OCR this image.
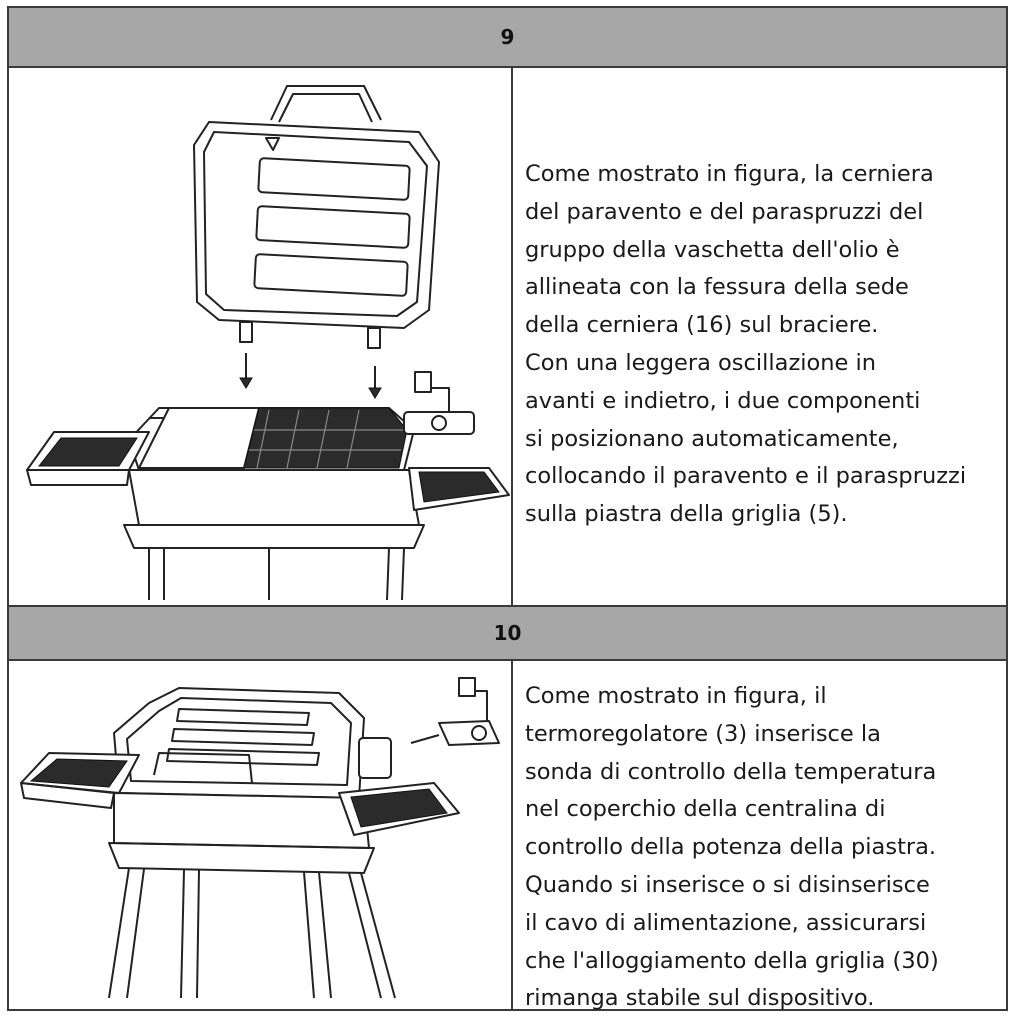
9
Come mostrato in figura, la cerniera
del paravento e del paraspruzzi del
gruppo della vaschetta dell'olio è
allineata con la fessura della sede
della cerniera (16) sul braciere.
Con una leggera oscillazione in
avanti e indietro, i due componenti
si posizionano automaticamente,
collocando il paravento e il paraspruzzi
sulla piastra della griglia (5).
10
Come mostrato in figura, il
termoregolatore (3) inserisce la
sonda di controllo della temperatura
nel coperchio della centralina di
controllo della potenza della piastra.
Quando si inserisce o si disinserisce
il cavo di alimentazione, assicurarsi
che l'alloggiamento della griglia (30)
rimanga stabile sul dispositivo.
